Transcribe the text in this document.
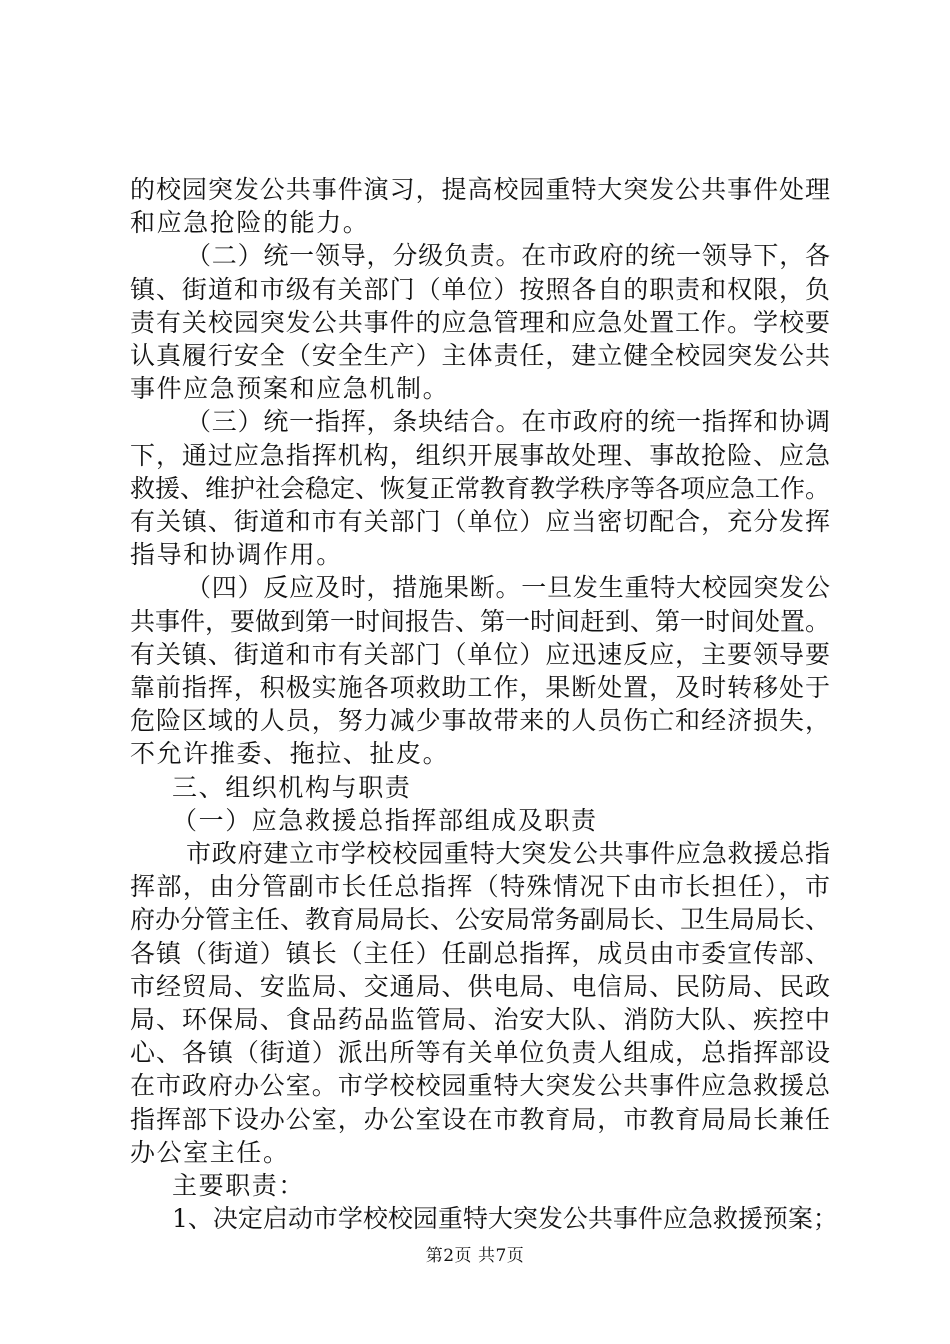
的校园突发公共事件演习，提高校园重特大突发公共事件处理
和应急抢险的能力。
（二）统一领导，分级负责。在市政府的统一领导下，各
镇、街道和市级有关部门（单位）按照各自的职责和权限，负
责有关校园突发公共事件的应急管理和应急处置工作。学校要
认真履行安全（安全生产）主体责任，建立健全校园突发公共
事件应急预案和应急机制。
（三）统一指挥，条块结合。在市政府的统一指挥和协调
下，通过应急指挥机构，组织开展事故处理、事故抢险、应急
救援、维护社会稳定、恢复正常教育教学秩序等各项应急工作。
有关镇、街道和市有关部门（单位）应当密切配合，充分发挥
指导和协调作用。
（四）反应及时，措施果断。一旦发生重特大校园突发公
共事件，要做到第一时间报告、第一时间赶到、第一时间处置。
有关镇、街道和市有关部门（单位）应迅速反应，主要领导要
靠前指挥，积极实施各项救助工作，果断处置，及时转移处于
危险区域的人员，努力减少事故带来的人员伤亡和经济损失，
不允许推委、拖拉、扯皮。
三、组织机构与职责
（一）应急救援总指挥部组成及职责
市政府建立市学校校园重特大突发公共事件应急救援总指
挥部，由分管副市长任总指挥（特殊情况下由市长担任），市
府办分管主任、教育局局长、公安局常务副局长、卫生局局长、
各镇（街道）镇长（主任）任副总指挥，成员由市委宣传部、
市经贸局、安监局、交通局、供电局、电信局、民防局、民政
局、环保局、食品药品监管局、治安大队、消防大队、疾控中
心、各镇（街道）派出所等有关单位负责人组成，总指挥部设
在市政府办公室。市学校校园重特大突发公共事件应急救援总
指挥部下设办公室，办公室设在市教育局，市教育局局长兼任
办公室主任。
主要职责：
1、决定启动市学校校园重特大突发公共事件应急救援预案；
第2页 共7页
